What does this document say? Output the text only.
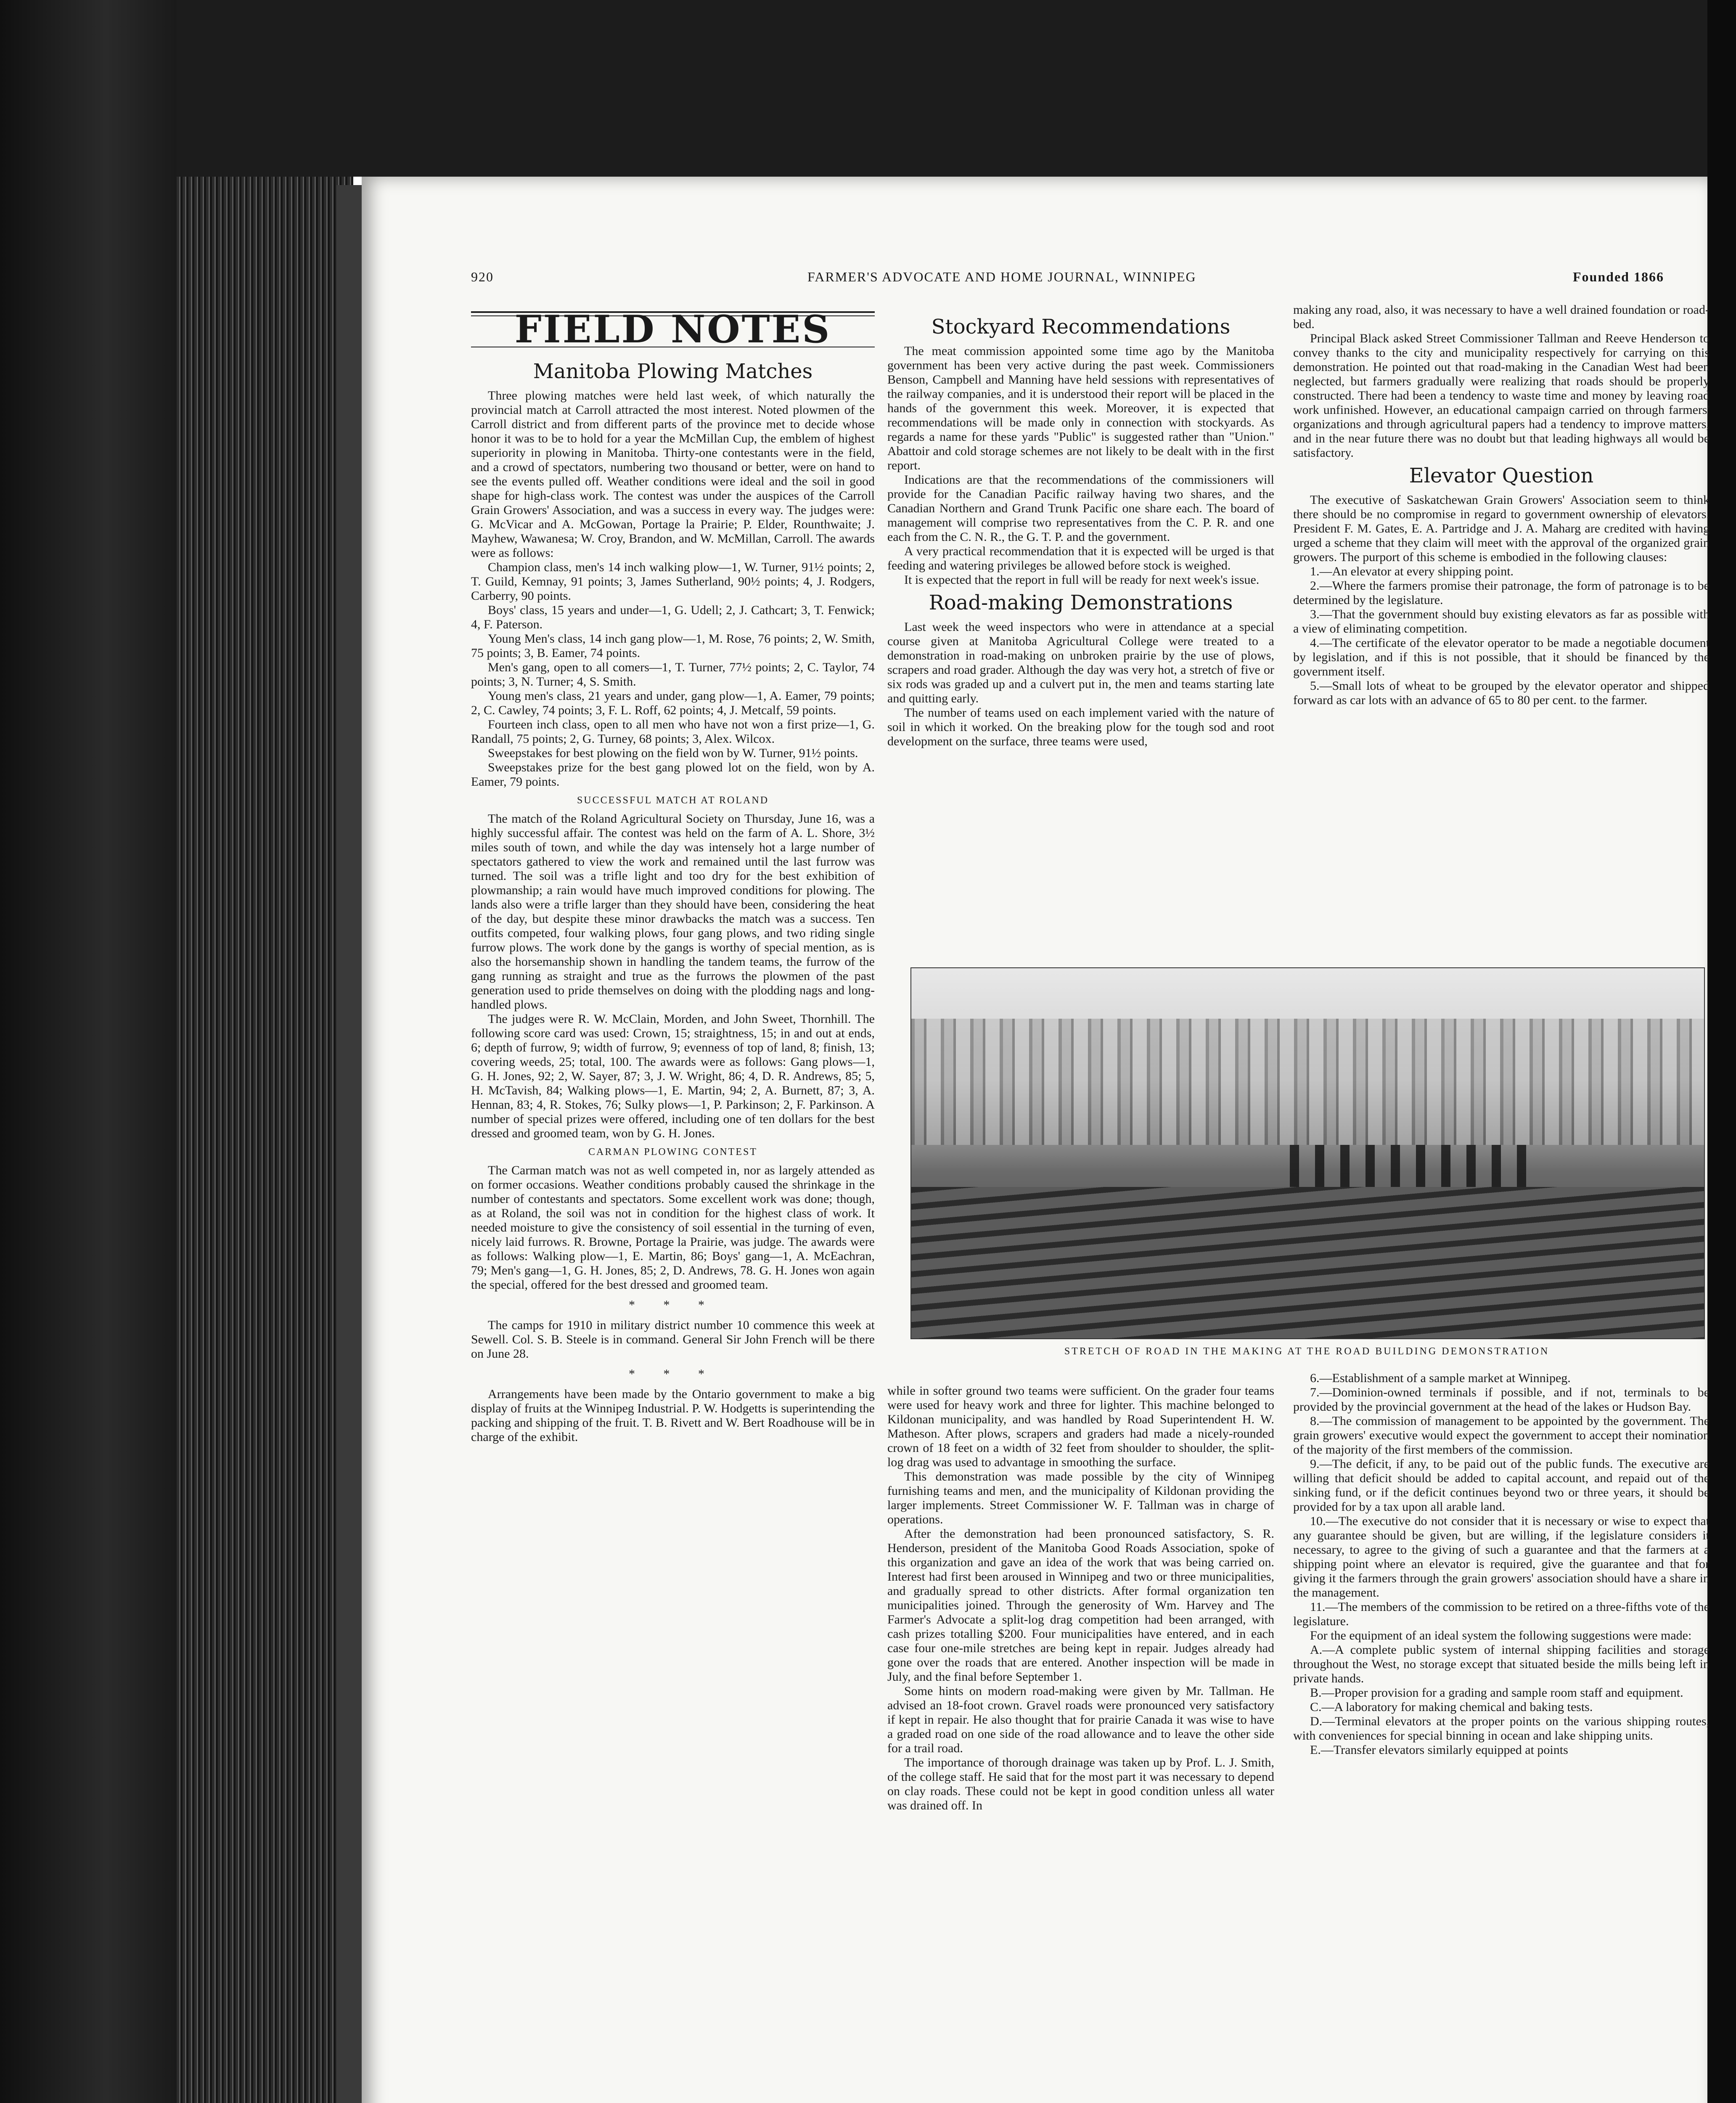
920	FARMER'S ADVOCATE AND HOME JOURNAL, WINNIPEG	Founded 1866
FIELD NOTES
Manitoba Plowing Matches

Three plowing matches were held last week, of which naturally the provincial match at Carroll attracted the most interest. Noted plowmen of the Carroll district and from different parts of the province met to decide whose honor it was to be to hold for a year the McMillan Cup, the emblem of highest superiority in plowing in Manitoba. Thirty-one contestants were in the field, and a crowd of spectators, numbering two thousand or better, were on hand to see the events pulled off. Weather conditions were ideal and the soil in good shape for high-class work. The contest was under the auspices of the Carroll Grain Growers' Association, and was a success in every way. The judges were: G. McVicar and A. McGowan, Portage la Prairie; P. Elder, Rounthwaite; J. Mayhew, Wawanesa; W. Croy, Brandon, and W. McMillan, Carroll. The awards were as follows:

Champion class, men's 14 inch walking plow—1, W. Turner, 91½ points; 2, T. Guild, Kemnay, 91 points; 3, James Sutherland, 90½ points; 4, J. Rodgers, Carberry, 90 points.

Boys' class, 15 years and under—1, G. Udell; 2, J. Cathcart; 3, T. Fenwick; 4, F. Paterson.

Young Men's class, 14 inch gang plow—1, M. Rose, 76 points; 2, W. Smith, 75 points; 3, B. Eamer, 74 points.

Men's gang, open to all comers—1, T. Turner, 77½ points; 2, C. Taylor, 74 points; 3, N. Turner; 4, S. Smith.

Young men's class, 21 years and under, gang plow—1, A. Eamer, 79 points; 2, C. Cawley, 74 points; 3, F. L. Roff, 62 points; 4, J. Metcalf, 59 points.

Fourteen inch class, open to all men who have not won a first prize—1, G. Randall, 75 points; 2, G. Turney, 68 points; 3, Alex. Wilcox.

Sweepstakes for best plowing on the field won by W. Turner, 91½ points.

Sweepstakes prize for the best gang plowed lot on the field, won by A. Eamer, 79 points.

SUCCESSFUL MATCH AT ROLAND

The match of the Roland Agricultural Society on Thursday, June 16, was a highly successful affair. The contest was held on the farm of A. L. Shore, 3½ miles south of town, and while the day was intensely hot a large number of spectators gathered to view the work and remained until the last furrow was turned. The soil was a trifle light and too dry for the best exhibition of plowmanship; a rain would have much improved conditions for plowing. The lands also were a trifle larger than they should have been, considering the heat of the day, but despite these minor drawbacks the match was a success. Ten outfits competed, four walking plows, four gang plows, and two riding single furrow plows. The work done by the gangs is worthy of special mention, as is also the horsemanship shown in handling the tandem teams, the furrow of the gang running as straight and true as the furrows the plowmen of the past generation used to pride themselves on doing with the plodding nags and long-handled plows.

The judges were R. W. McClain, Morden, and John Sweet, Thornhill. The following score card was used: Crown, 15; straightness, 15; in and out at ends, 6; depth of furrow, 9; width of furrow, 9; evenness of top of land, 8; finish, 13; covering weeds, 25; total, 100. The awards were as follows: Gang plows—1, G. H. Jones, 92; 2, W. Sayer, 87; 3, J. W. Wright, 86; 4, D. R. Andrews, 85; 5, H. McTavish, 84; Walking plows—1, E. Martin, 94; 2, A. Burnett, 87; 3, A. Hennan, 83; 4, R. Stokes, 76; Sulky plows—1, P. Parkinson; 2, F. Parkinson. A number of special prizes were offered, including one of ten dollars for the best dressed and groomed team, won by G. H. Jones.

CARMAN PLOWING CONTEST

The Carman match was not as well competed in, nor as largely attended as on former occasions. Weather conditions probably caused the shrinkage in the number of contestants and spectators. Some excellent work was done; though, as at Roland, the soil was not in condition for the highest class of work. It needed moisture to give the consistency of soil essential in the turning of even, nicely laid furrows. R. Browne, Portage la Prairie, was judge. The awards were as follows: Walking plow—1, E. Martin, 86; Boys' gang—1, A. McEachran, 79; Men's gang—1, G. H. Jones, 85; 2, D. Andrews, 78. G. H. Jones won again the special, offered for the best dressed and groomed team.

* * *

The camps for 1910 in military district number 10 commence this week at Sewell. Col. S. B. Steele is in command. General Sir John French will be there on June 28.

* * *

Arrangements have been made by the Ontario government to make a big display of fruits at the Winnipeg Industrial. P. W. Hodgetts is superintending the packing and shipping of the fruit. T. B. Rivett and W. Bert Roadhouse will be in charge of the exhibit.

Stockyard Recommendations

The meat commission appointed some time ago by the Manitoba government has been very active during the past week. Commissioners Benson, Campbell and Manning have held sessions with representatives of the railway companies, and it is understood their report will be placed in the hands of the government this week. Moreover, it is expected that recommendations will be made only in connection with stockyards. As regards a name for these yards "Public" is suggested rather than "Union." Abattoir and cold storage schemes are not likely to be dealt with in the first report.

Indications are that the recommendations of the commissioners will provide for the Canadian Pacific railway having two shares, and the Canadian Northern and Grand Trunk Pacific one share each. The board of management will comprise two representatives from the C. P. R. and one each from the C. N. R., the G. T. P. and the government.

A very practical recommendation that it is expected will be urged is that feeding and watering privileges be allowed before stock is weighed.

It is expected that the report in full will be ready for next week's issue.

Road-making Demonstrations

Last week the weed inspectors who were in attendance at a special course given at Manitoba Agricultural College were treated to a demonstration in road-making on unbroken prairie by the use of plows, scrapers and road grader. Although the day was very hot, a stretch of five or six rods was graded up and a culvert put in, the men and teams starting late and quitting early.

The number of teams used on each implement varied with the nature of soil in which it worked. On the breaking plow for the tough sod and root development on the surface, three teams were used,

making any road, also, it was necessary to have a well drained foundation or road-bed.

Principal Black asked Street Commissioner Tallman and Reeve Henderson to convey thanks to the city and municipality respectively for carrying on this demonstration. He pointed out that road-making in the Canadian West had been neglected, but farmers gradually were realizing that roads should be properly constructed. There had been a tendency to waste time and money by leaving road work unfinished. However, an educational campaign carried on through farmers' organizations and through agricultural papers had a tendency to improve matters, and in the near future there was no doubt but that leading highways all would be satisfactory.

Elevator Question

The executive of Saskatchewan Grain Growers' Association seem to think there should be no compromise in regard to government ownership of elevators. President F. M. Gates, E. A. Partridge and J. A. Maharg are credited with having urged a scheme that they claim will meet with the approval of the organized grain growers. The purport of this scheme is embodied in the following clauses:

1.—An elevator at every shipping point.

2.—Where the farmers promise their patronage, the form of patronage is to be determined by the legislature.

3.—That the government should buy existing elevators as far as possible with a view of eliminating competition.

4.—The certificate of the elevator operator to be made a negotiable document by legislation, and if this is not possible, that it should be financed by the government itself.

5.—Small lots of wheat to be grouped by the elevator operator and shipped forward as car lots with an advance of 65 to 80 per cent. to the farmer.

STRETCH OF ROAD IN THE MAKING AT THE ROAD BUILDING DEMONSTRATION

while in softer ground two teams were sufficient. On the grader four teams were used for heavy work and three for lighter. This machine belonged to Kildonan municipality, and was handled by Road Superintendent H. W. Matheson. After plows, scrapers and graders had made a nicely-rounded crown of 18 feet on a width of 32 feet from shoulder to shoulder, the split-log drag was used to advantage in smoothing the surface.

This demonstration was made possible by the city of Winnipeg furnishing teams and men, and the municipality of Kildonan providing the larger implements. Street Commissioner W. F. Tallman was in charge of operations.

After the demonstration had been pronounced satisfactory, S. R. Henderson, president of the Manitoba Good Roads Association, spoke of this organization and gave an idea of the work that was being carried on. Interest had first been aroused in Winnipeg and two or three municipalities, and gradually spread to other districts. After formal organization ten municipalities joined. Through the generosity of Wm. Harvey and The Farmer's Advocate a split-log drag competition had been arranged, with cash prizes totalling $200. Four municipalities have entered, and in each case four one-mile stretches are being kept in repair. Judges already had gone over the roads that are entered. Another inspection will be made in July, and the final before September 1.

Some hints on modern road-making were given by Mr. Tallman. He advised an 18-foot crown. Gravel roads were pronounced very satisfactory if kept in repair. He also thought that for prairie Canada it was wise to have a graded road on one side of the road allowance and to leave the other side for a trail road.

The importance of thorough drainage was taken up by Prof. L. J. Smith, of the college staff. He said that for the most part it was necessary to depend on clay roads. These could not be kept in good condition unless all water was drained off. In

6.—Establishment of a sample market at Winnipeg.

7.—Dominion-owned terminals if possible, and if not, terminals to be provided by the provincial government at the head of the lakes or Hudson Bay.

8.—The commission of management to be appointed by the government. The grain growers' executive would expect the government to accept their nomination of the majority of the first members of the commission.

9.—The deficit, if any, to be paid out of the public funds. The executive are willing that deficit should be added to capital account, and repaid out of the sinking fund, or if the deficit continues beyond two or three years, it should be provided for by a tax upon all arable land.

10.—The executive do not consider that it is necessary or wise to expect that any guarantee should be given, but are willing, if the legislature considers it necessary, to agree to the giving of such a guarantee and that the farmers at a shipping point where an elevator is required, give the guarantee and that for giving it the farmers through the grain growers' association should have a share in the management.

11.—The members of the commission to be retired on a three-fifths vote of the legislature.

For the equipment of an ideal system the following suggestions were made:

A.—A complete public system of internal shipping facilities and storage throughout the West, no storage except that situated beside the mills being left in private hands.

B.—Proper provision for a grading and sample room staff and equipment.

C.—A laboratory for making chemical and baking tests.

D.—Terminal elevators at the proper points on the various shipping routes, with conveniences for special binning in ocean and lake shipping units.

E.—Transfer elevators similarly equipped at points
